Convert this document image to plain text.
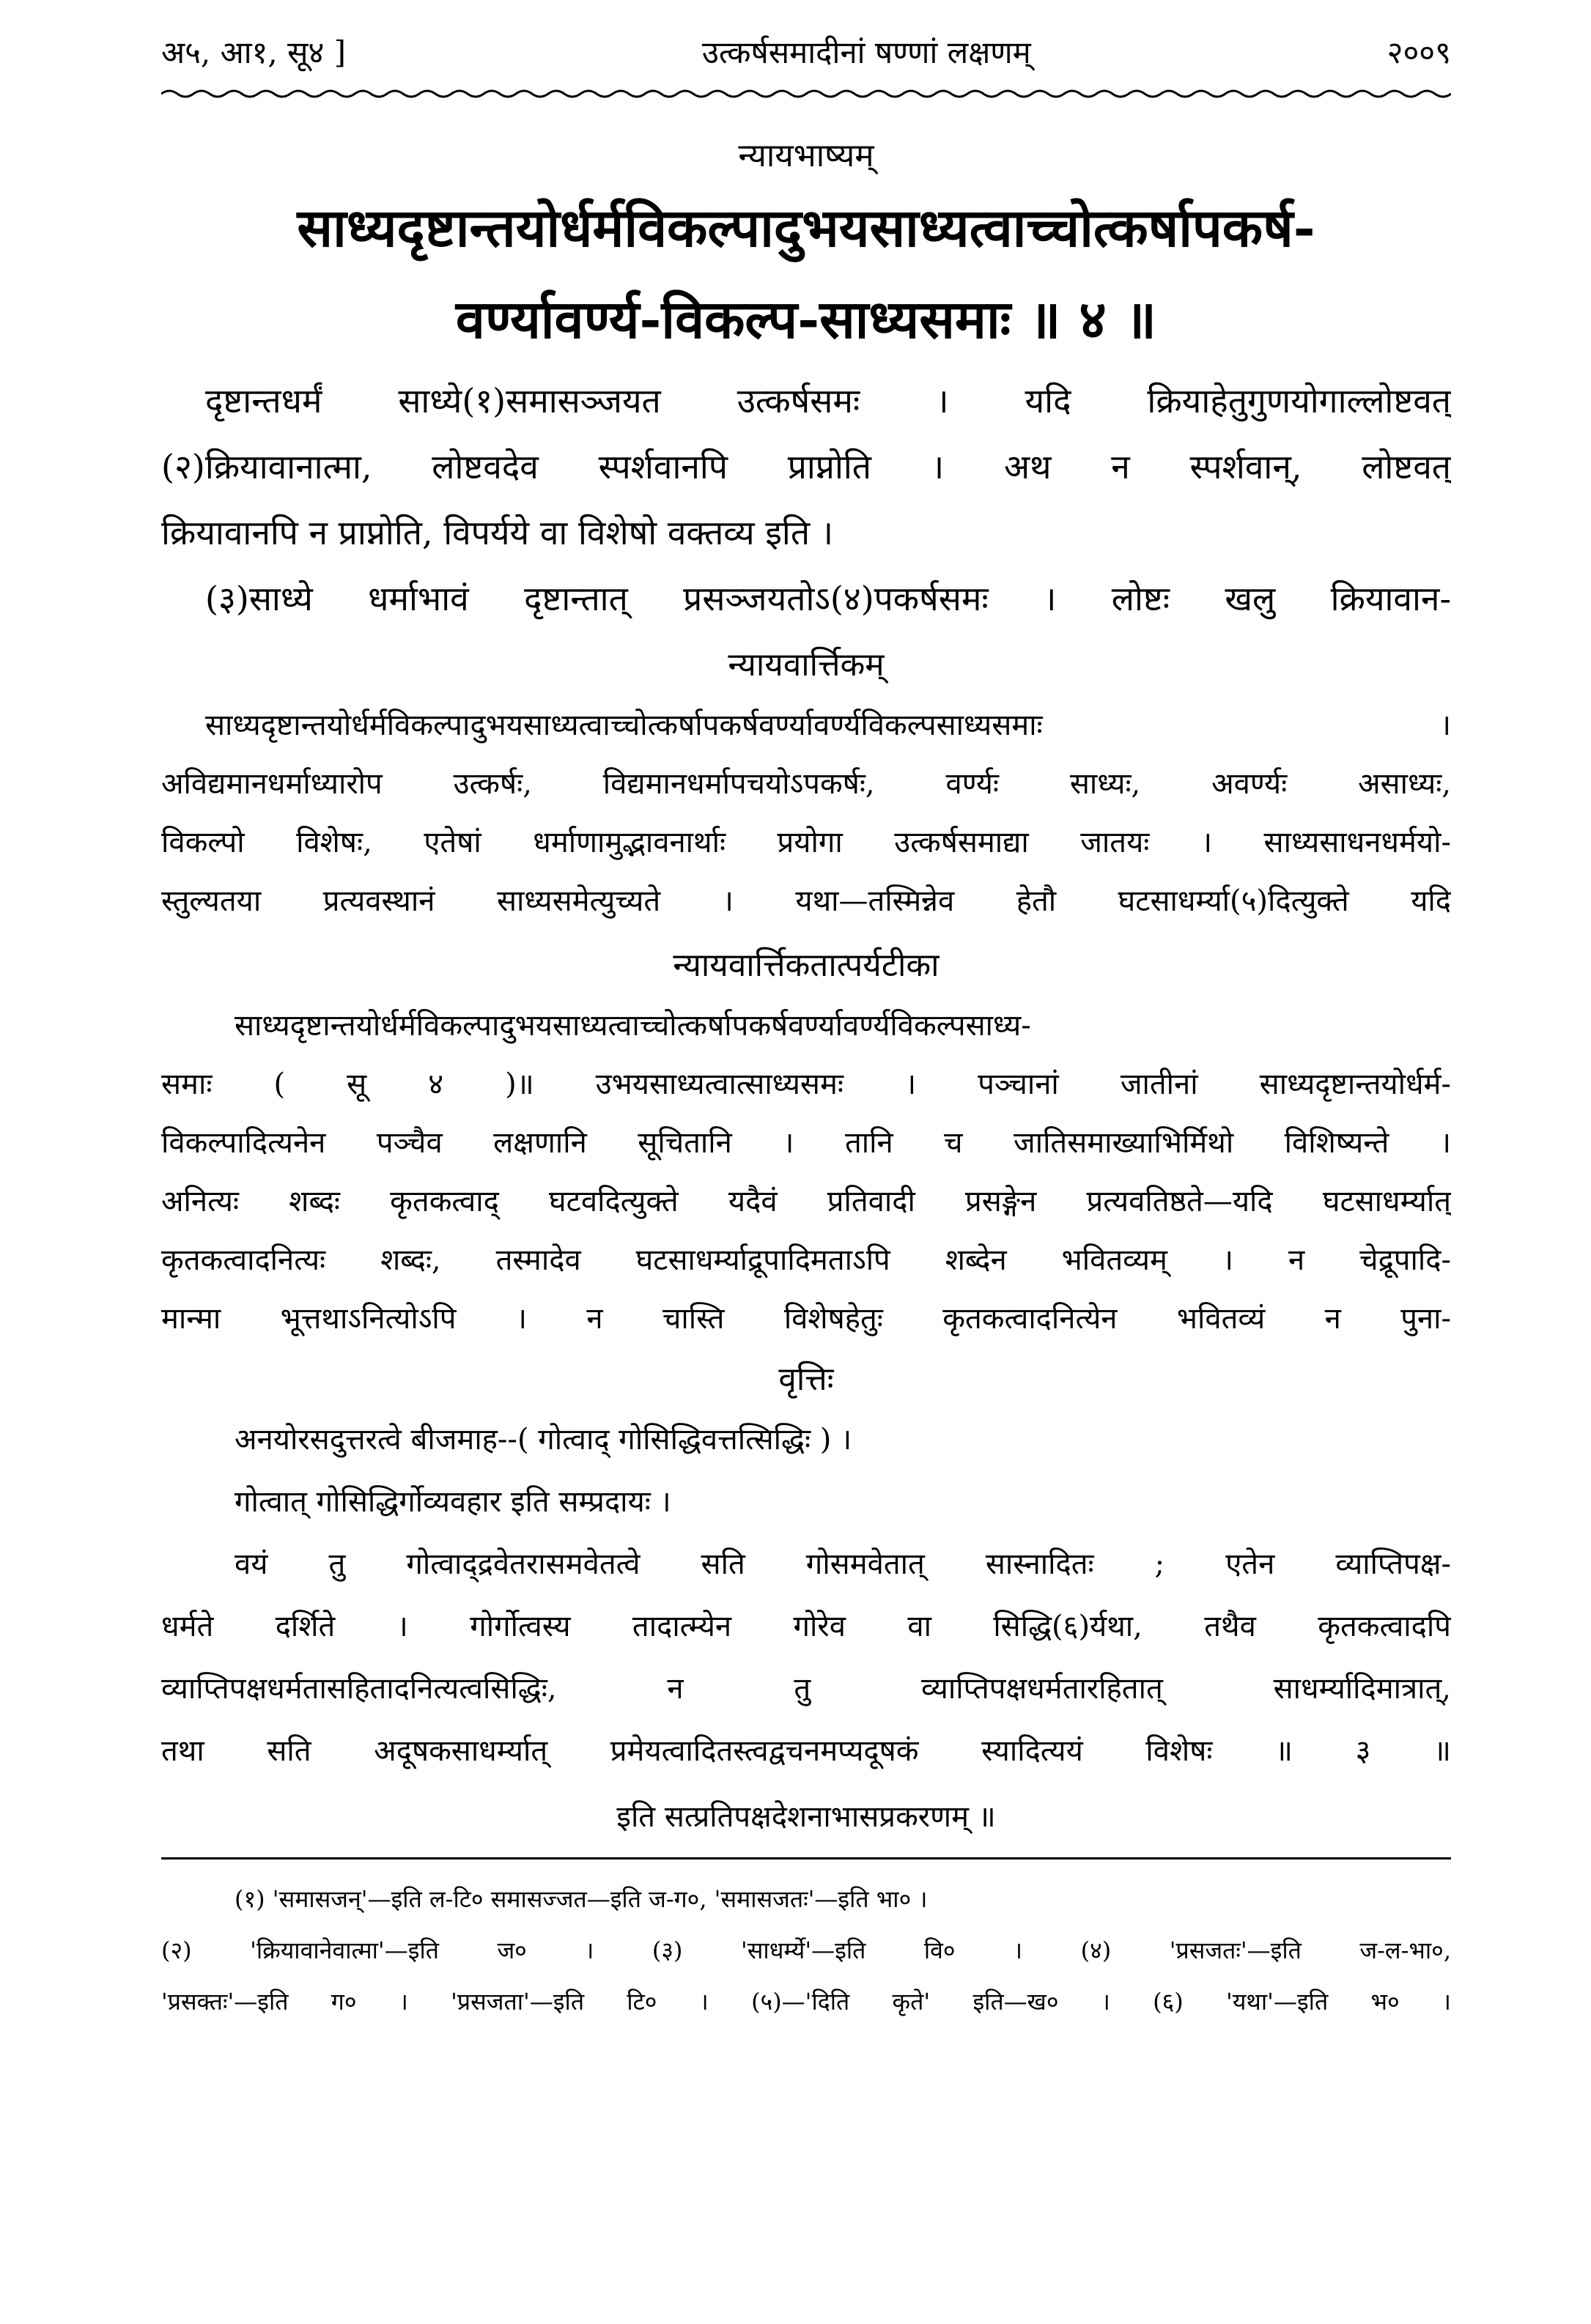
अ५, आ१, सू४ ]	उत्कर्षसमादीनां षण्णां लक्षणम्	२००९
न्यायभाष्यम्
साध्यदृष्टान्तयोर्धर्मविकल्पादुभयसाध्यत्वाच्चोत्कर्षापकर्ष-
वर्ण्यावर्ण्य-विकल्प-साध्यसमाः ॥ ४ ॥
दृष्टान्तधर्मं साध्ये(१)समासञ्जयत उत्कर्षसमः । यदि क्रियाहेतुगुणयोगाल्लोष्टवत्
(२)क्रियावानात्मा, लोष्टवदेव स्पर्शवानपि प्राप्नोति । अथ न स्पर्शवान्, लोष्टवत्
क्रियावानपि न प्राप्नोति, विपर्यये वा विशेषो वक्तव्य इति ।
(३)साध्ये धर्माभावं दृष्टान्तात् प्रसञ्जयतोऽ(४)पकर्षसमः । लोष्टः खलु क्रियावान-
न्यायवार्त्तिकम्
साध्यदृष्टान्तयोर्धर्मविकल्पादुभयसाध्यत्वाच्चोत्कर्षापकर्षवर्ण्यावर्ण्यविकल्पसाध्यसमाः ।
अविद्यमानधर्माध्यारोप उत्कर्षः, विद्यमानधर्मापचयोऽपकर्षः, वर्ण्यः साध्यः, अवर्ण्यः असाध्यः,
विकल्पो विशेषः, एतेषां धर्माणामुद्भावनार्थाः प्रयोगा उत्कर्षसमाद्या जातयः । साध्यसाधनधर्मयो-
स्तुल्यतया प्रत्यवस्थानं साध्यसमेत्युच्यते । यथा—तस्मिन्नेव हेतौ घटसाधर्म्या(५)दित्युक्ते यदि
न्यायवार्त्तिकतात्पर्यटीका
साध्यदृष्टान्तयोर्धर्मविकल्पादुभयसाध्यत्वाच्चोत्कर्षापकर्षवर्ण्यावर्ण्यविकल्पसाध्य-
समाः ( सू ४ )॥ उभयसाध्यत्वात्साध्यसमः । पञ्चानां जातीनां साध्यदृष्टान्तयोर्धर्म-
विकल्पादित्यनेन पञ्चैव लक्षणानि सूचितानि । तानि च जातिसमाख्याभिर्मिथो विशिष्यन्ते ।
अनित्यः शब्दः कृतकत्वाद् घटवदित्युक्ते यदैवं प्रतिवादी प्रसङ्गेन प्रत्यवतिष्ठते—यदि घटसाधर्म्यात्
कृतकत्वादनित्यः शब्दः, तस्मादेव घटसाधर्म्याद्रूपादिमताऽपि शब्देन भवितव्यम् । न चेद्रूपादि-
मान्मा भूत्तथाऽनित्योऽपि । न चास्ति विशेषहेतुः कृतकत्वादनित्येन भवितव्यं न पुना-
वृत्तिः
अनयोरसदुत्तरत्वे बीजमाह--( गोत्वाद् गोसिद्धिवत्तत्सिद्धिः ) ।
गोत्वात् गोसिद्धिर्गोव्यवहार इति सम्प्रदायः ।
वयं तु गोत्वाद्द्रवेतरासमवेतत्वे सति गोसमवेतात् सास्नादितः ; एतेन व्याप्तिपक्ष-
धर्मते दर्शिते । गोर्गोत्वस्य तादात्म्येन गोरेव वा सिद्धि(६)र्यथा, तथैव कृतकत्वादपि
व्याप्तिपक्षधर्मतासहितादनित्यत्वसिद्धिः, न तु व्याप्तिपक्षधर्मतारहितात् साधर्म्यादिमात्रात्,
तथा सति अदूषकसाधर्म्यात् प्रमेयत्वादितस्त्वद्वचनमप्यदूषकं स्यादित्ययं विशेषः ॥ ३ ॥
इति सत्प्रतिपक्षदेशनाभासप्रकरणम् ॥
(१) 'समासजन्'—इति ल-टि० समासज्जत—इति ज-ग०, 'समासजतः'—इति भा० ।
(२) 'क्रियावानेवात्मा'—इति ज० । (३) 'साधर्म्ये'—इति वि० । (४) 'प्रसजतः'—इति ज-ल-भा०,
'प्रसक्तः'—इति ग० । 'प्रसजता'—इति टि० । (५)—'दिति कृते' इति—ख० । (६) 'यथा'—इति भ० ।
